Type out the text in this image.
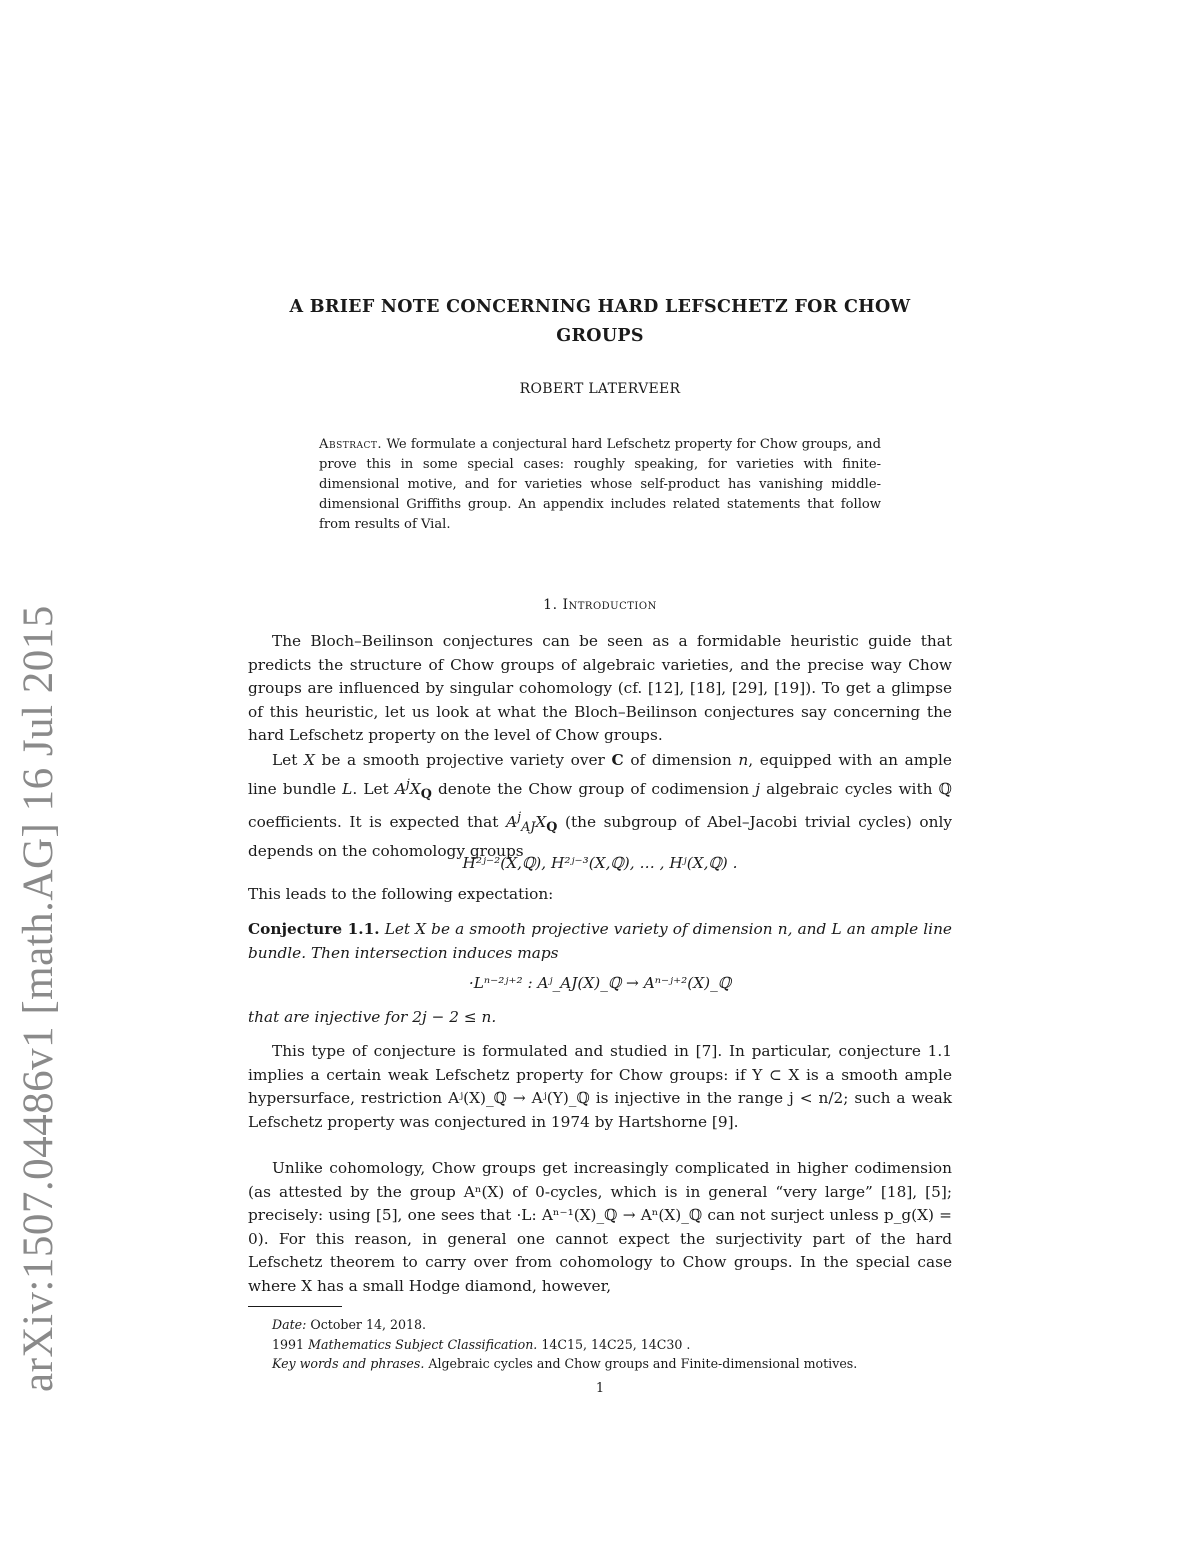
arXiv:1507.04486v1 [math.AG] 16 Jul 2015
A BRIEF NOTE CONCERNING HARD LEFSCHETZ FOR CHOW
GROUPS
ROBERT LATERVEER
Abstract. We formulate a conjectural hard Lefschetz property for Chow groups, and prove this in some special cases: roughly speaking, for varieties with finite-dimensional motive, and for varieties whose self-product has vanishing middle-dimensional Griffiths group. An appendix includes related statements that follow from results of Vial.
1. Introduction
The Bloch–Beilinson conjectures can be seen as a formidable heuristic guide that predicts the structure of Chow groups of algebraic varieties, and the precise way Chow groups are influenced by singular cohomology (cf. [12], [18], [29], [19]). To get a glimpse of this heuristic, let us look at what the Bloch–Beilinson conjectures say concerning the hard Lefschetz property on the level of Chow groups.
Let X be a smooth projective variety over C of dimension n, equipped with an ample line bundle L. Let $A^jX_Q$ denote the Chow group of codimension j algebraic cycles with ℚ coefficients. It is expected that $A^j_{AJ}X_Q$ (the subgroup of Abel–Jacobi trivial cycles) only depends on the cohomology groups
H²ʲ⁻²(X,ℚ), H²ʲ⁻³(X,ℚ), … , Hʲ(X,ℚ) .
This leads to the following expectation:
Conjecture 1.1. Let X be a smooth projective variety of dimension n, and L an ample line bundle. Then intersection induces maps
·Lⁿ⁻²ʲ⁺² : Aʲ_AJ(X)_ℚ → Aⁿ⁻ʲ⁺²(X)_ℚ
that are injective for 2j − 2 ≤ n.
This type of conjecture is formulated and studied in [7]. In particular, conjecture 1.1 implies a certain weak Lefschetz property for Chow groups: if Y ⊂ X is a smooth ample hypersurface, restriction Aʲ(X)_ℚ → Aʲ(Y)_ℚ is injective in the range j < n/2; such a weak Lefschetz property was conjectured in 1974 by Hartshorne [9].
Unlike cohomology, Chow groups get increasingly complicated in higher codimension (as attested by the group Aⁿ(X) of 0-cycles, which is in general “very large” [18], [5]; precisely: using [5], one sees that ·L: Aⁿ⁻¹(X)_ℚ → Aⁿ(X)_ℚ can not surject unless p_g(X) = 0). For this reason, in general one cannot expect the surjectivity part of the hard Lefschetz theorem to carry over from cohomology to Chow groups. In the special case where X has a small Hodge diamond, however,
Date: October 14, 2018.
1991 Mathematics Subject Classification. 14C15, 14C25, 14C30 .
Key words and phrases. Algebraic cycles and Chow groups and Finite-dimensional motives.
1
